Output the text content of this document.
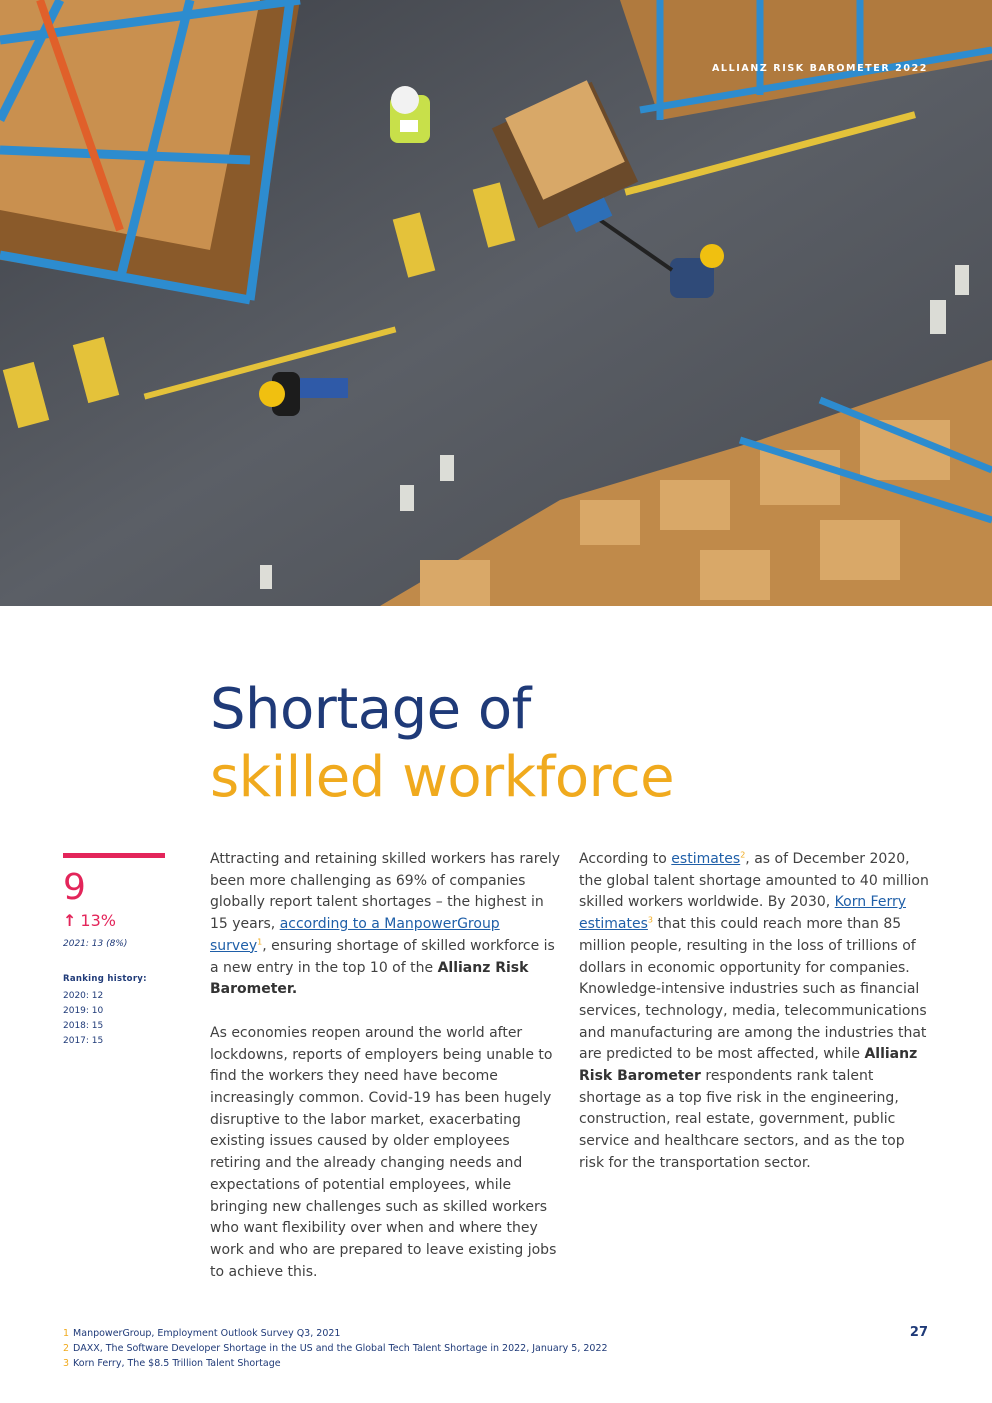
ALLIANZ RISK BAROMETER 2022
Shortage of
skilled workforce
9
↑ 13%
2021: 13 (8%)
Ranking history:
2020: 12
2019: 10
2018: 15
2017: 15

Attracting and retaining skilled workers has rarely been more challenging as 69% of companies globally report talent shortages – the highest in 15 years, according to a ManpowerGroup survey$^1$, ensuring shortage of skilled workforce is a new entry in the top 10 of the Allianz Risk Barometer.

As economies reopen around the world after lockdowns, reports of employers being unable to find the workers they need have become increasingly common. Covid-19 has been hugely disruptive to the labor market, exacerbating existing issues caused by older employees retiring and the already changing needs and expectations of potential employees, while bringing new challenges such as skilled workers who want flexibility over when and where they work and who are prepared to leave existing jobs to achieve this.

According to estimates$^2$, as of December 2020, the global talent shortage amounted to 40 million skilled workers worldwide. By 2030, Korn Ferry estimates$^3$ that this could reach more than 85 million people, resulting in the loss of trillions of dollars in economic opportunity for companies. Knowledge-intensive industries such as financial services, technology, media, telecommunications and manufacturing are among the industries that are predicted to be most affected, while Allianz Risk Barometer respondents rank talent shortage as a top five risk in the engineering, construction, real estate, government, public service and healthcare sectors, and as the top risk for the transportation sector.

1 ManpowerGroup, Employment Outlook Survey Q3, 2021
2 DAXX, The Software Developer Shortage in the US and the Global Tech Talent Shortage in 2022, January 5, 2022
3 Korn Ferry, The $8.5 Trillion Talent Shortage
27
